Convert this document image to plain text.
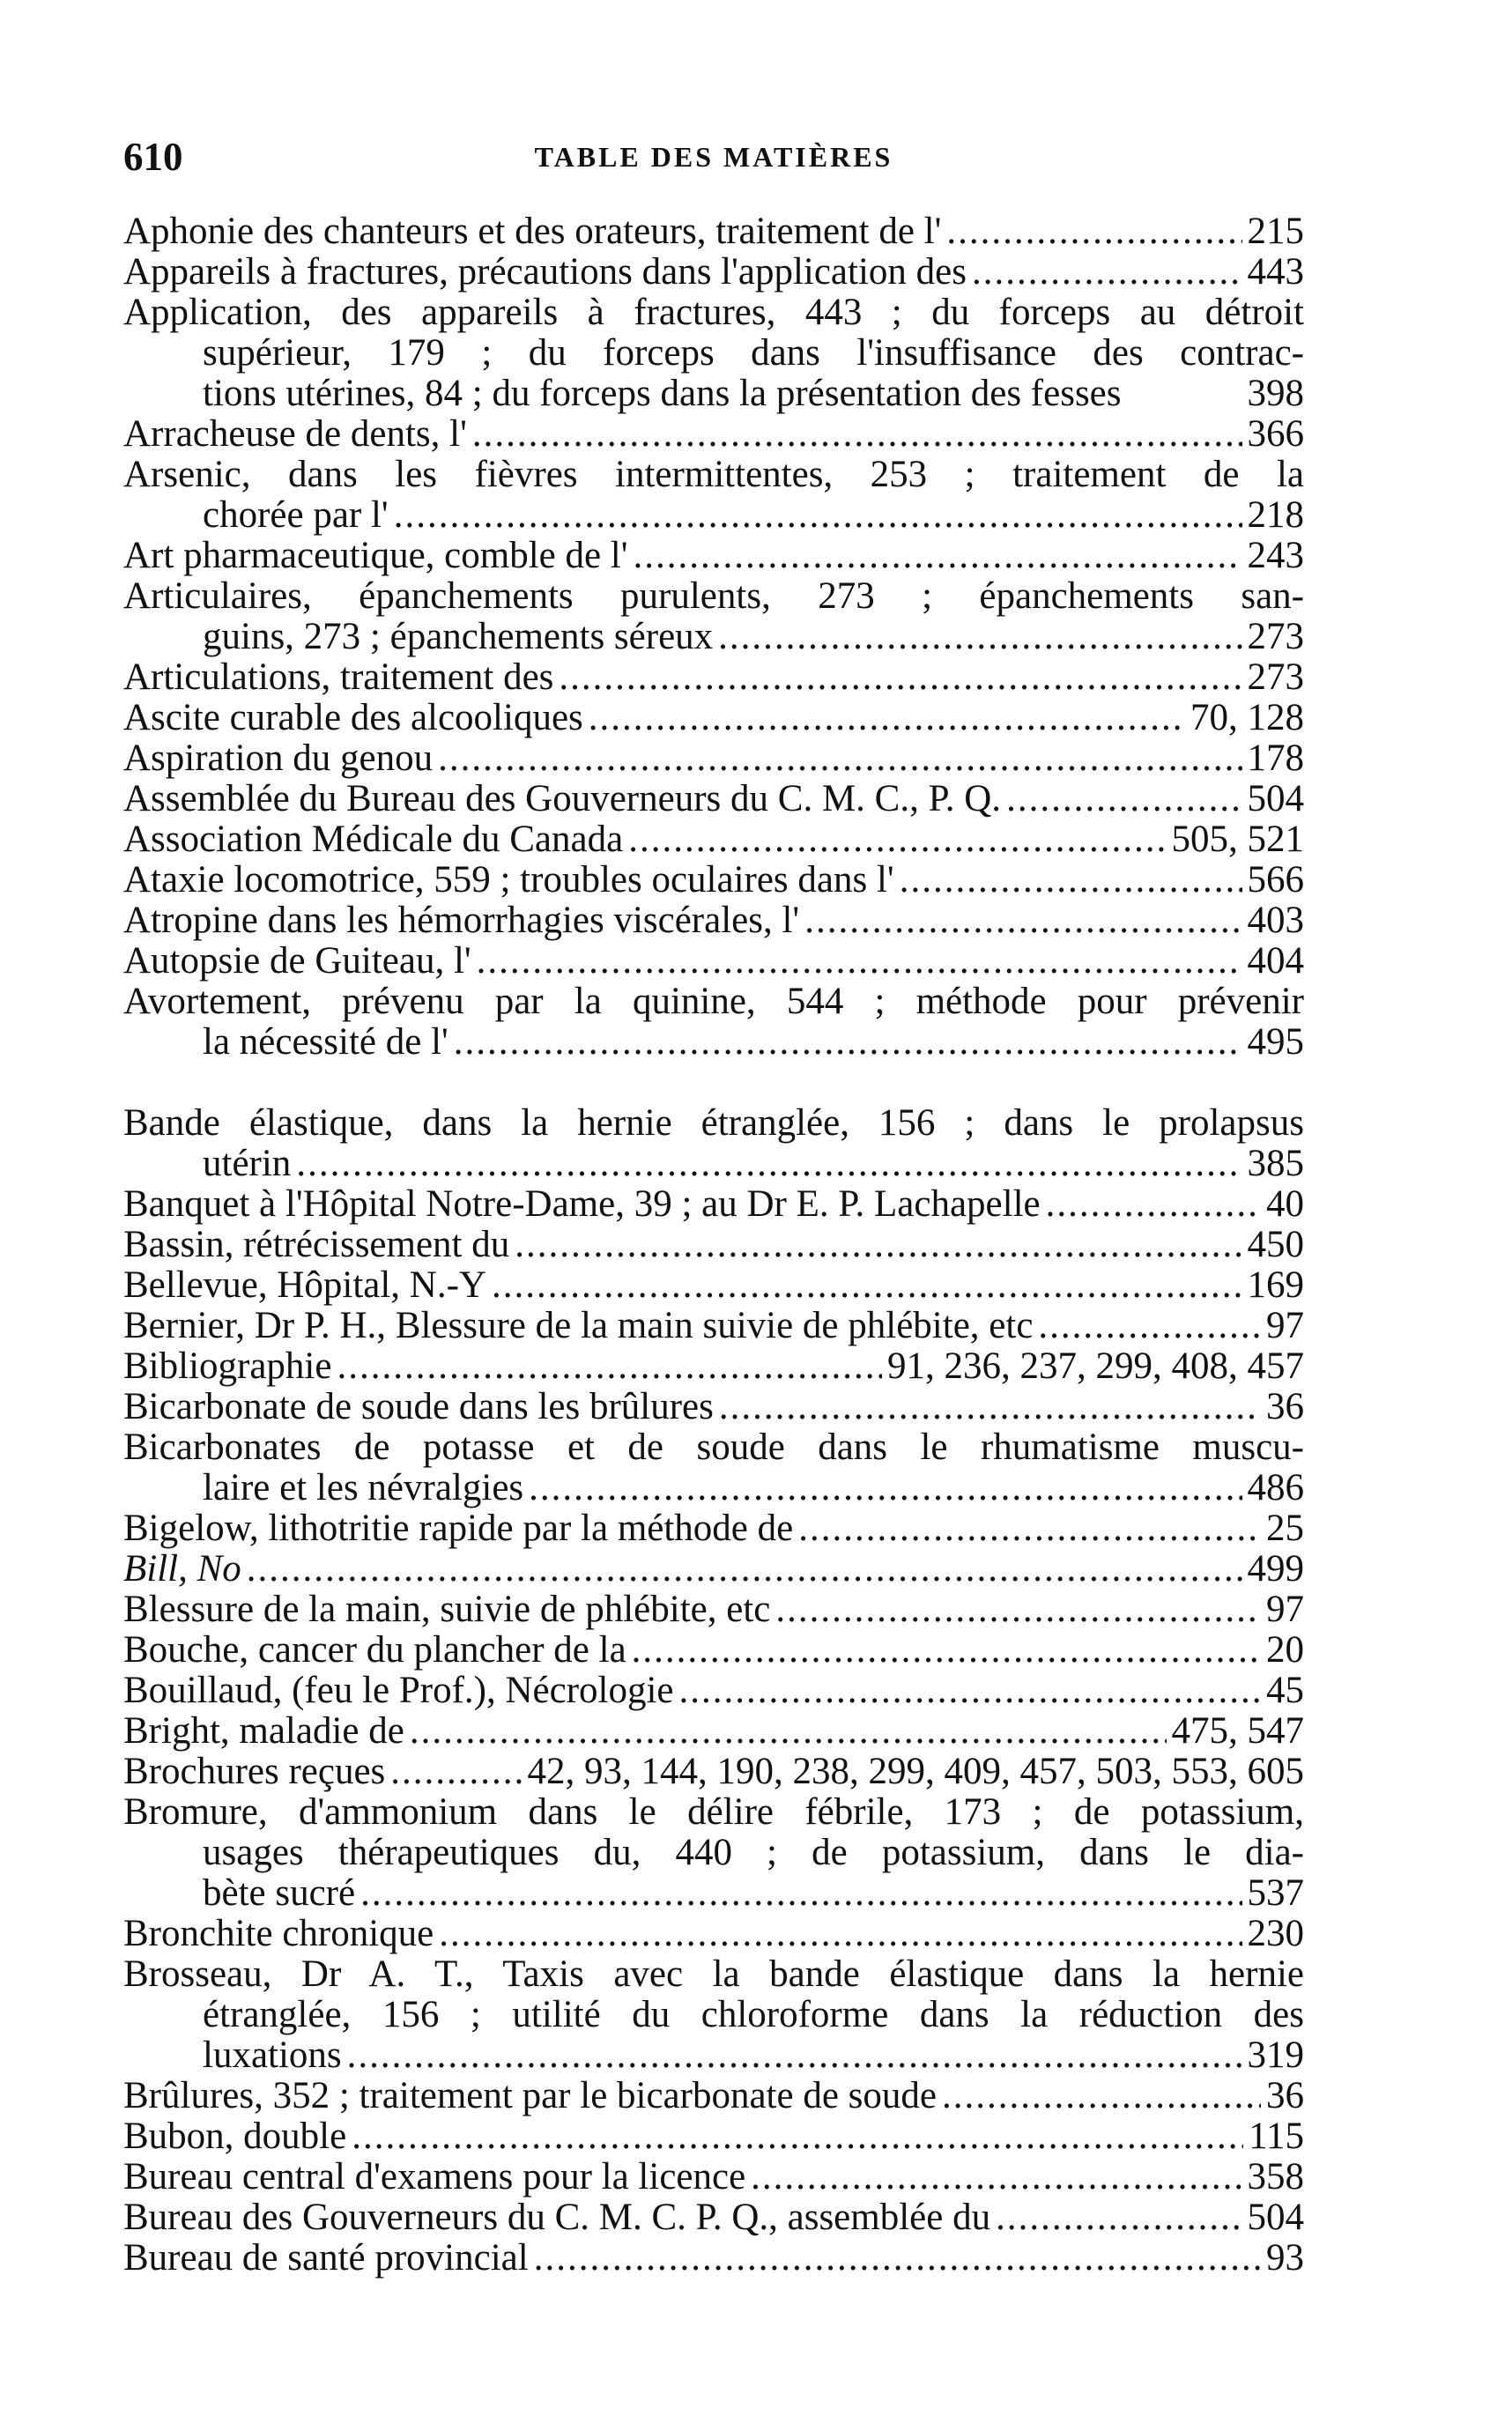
610	TABLE DES MATIÈRES
Aphonie des chanteurs et des orateurs, traitement de l' .....	215
Appareils à fractures, précautions dans l'application des .....	443
Application, des appareils à fractures, 443 ; du forceps au détroit
supérieur, 179 ; du forceps dans l'insuffisance des contrac-
tions utérines, 84 ; du forceps dans la présentation des fesses	398
Arracheuse de dents, l' .....	366
Arsenic, dans les fièvres intermittentes, 253 ; traitement de la
chorée par l' .....	218
Art pharmaceutique, comble de l' .....	243
Articulaires, épanchements purulents, 273 ; épanchements san-
guins, 273 ; épanchements séreux .....	273
Articulations, traitement des .....	273
Ascite curable des alcooliques .....	70, 128
Aspiration du genou .....	178
Assemblée du Bureau des Gouverneurs du C. M. C., P. Q. .....	504
Association Médicale du Canada .....	505, 521
Ataxie locomotrice, 559 ; troubles oculaires dans l' .....	566
Atropine dans les hémorrhagies viscérales, l' .....	403
Autopsie de Guiteau, l' .....	404
Avortement, prévenu par la quinine, 544 ; méthode pour prévenir
la nécessité de l' .....	495
Bande élastique, dans la hernie étranglée, 156 ; dans le prolapsus
utérin .....	385
Banquet à l'Hôpital Notre-Dame, 39 ; au Dr E. P. Lachapelle .....	40
Bassin, rétrécissement du .....	450
Bellevue, Hôpital, N.-Y .....	169
Bernier, Dr P. H., Blessure de la main suivie de phlébite, etc .....	97
Bibliographie .....	91, 236, 237, 299, 408, 457
Bicarbonate de soude dans les brûlures .....	36
Bicarbonates de potasse et de soude dans le rhumatisme muscu-
laire et les névralgies .....	486
Bigelow, lithotritie rapide par la méthode de .....	25
Bill, No .....	499
Blessure de la main, suivie de phlébite, etc .....	97
Bouche, cancer du plancher de la .....	20
Bouillaud, (feu le Prof.), Nécrologie .....	45
Bright, maladie de .....	475, 547
Brochures reçues .....	42, 93, 144, 190, 238, 299, 409, 457, 503, 553, 605
Bromure, d'ammonium dans le délire fébrile, 173 ; de potassium,
usages thérapeutiques du, 440 ; de potassium, dans le dia-
bète sucré .....	537
Bronchite chronique .....	230
Brosseau, Dr A. T., Taxis avec la bande élastique dans la hernie
étranglée, 156 ; utilité du chloroforme dans la réduction des
luxations .....	319
Brûlures, 352 ; traitement par le bicarbonate de soude .....	36
Bubon, double .....	115
Bureau central d'examens pour la licence .....	358
Bureau des Gouverneurs du C. M. C. P. Q., assemblée du .....	504
Bureau de santé provincial .....	93
